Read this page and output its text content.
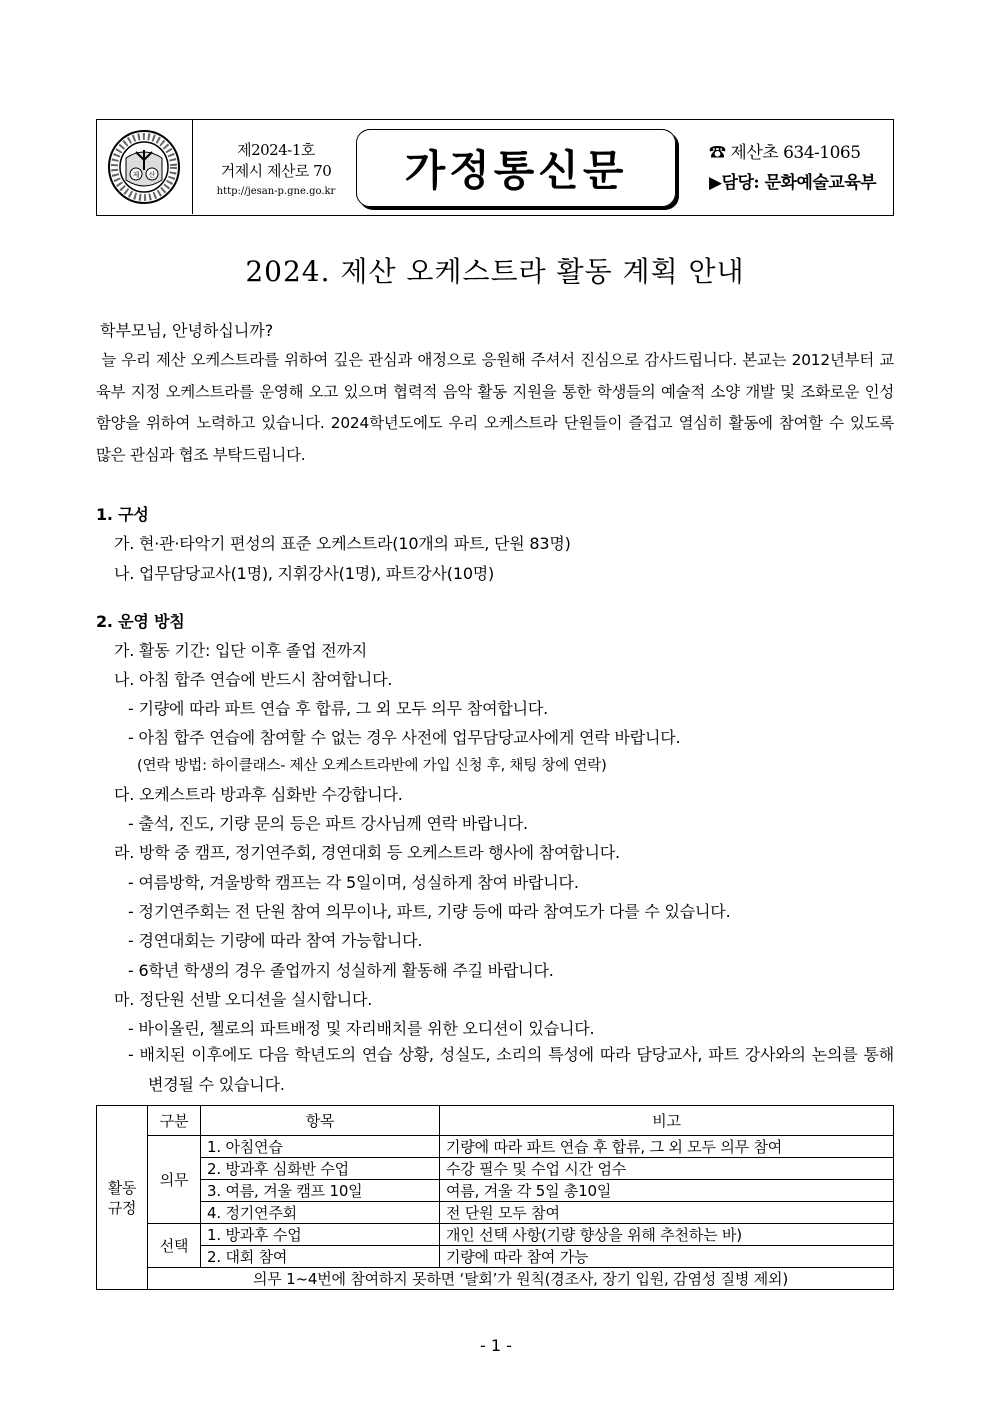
제 산
제2024-1호
거제시 제산로 70
http://jesan-p.gne.go.kr	가정통신문	☎ 제산초 634-1065
▶담당: 문화예술교육부
2024. 제산 오케스트라 활동 계획 안내
학부모님, 안녕하십니까?
늘 우리 제산 오케스트라를 위하여 깊은 관심과 애정으로 응원해 주셔서 진심으로 감사드립니다. 본교는 2012년부터 교육부 지정 오케스트라를 운영해 오고 있으며 협력적 음악 활동 지원을 통한 학생들의 예술적 소양 개발 및 조화로운 인성 함양을 위하여 노력하고 있습니다. 2024학년도에도 우리 오케스트라 단원들이 즐겁고 열심히 활동에 참여할 수 있도록 많은 관심과 협조 부탁드립니다.
1. 구성
가. 현·관·타악기 편성의 표준 오케스트라(10개의 파트, 단원 83명)
나. 업무담당교사(1명), 지휘강사(1명), 파트강사(10명)
2. 운영 방침
가. 활동 기간: 입단 이후 졸업 전까지
나. 아침 합주 연습에 반드시 참여합니다.
- 기량에 따라 파트 연습 후 합류, 그 외 모두 의무 참여합니다.
- 아침 합주 연습에 참여할 수 없는 경우 사전에 업무담당교사에게 연락 바랍니다.
(연락 방법: 하이클래스- 제산 오케스트라반에 가입 신청 후, 채팅 창에 연락)
다. 오케스트라 방과후 심화반 수강합니다.
- 출석, 진도, 기량 문의 등은 파트 강사님께 연락 바랍니다.
라. 방학 중 캠프, 정기연주회, 경연대회 등 오케스트라 행사에 참여합니다.
- 여름방학, 겨울방학 캠프는 각 5일이며, 성실하게 참여 바랍니다.
- 정기연주회는 전 단원 참여 의무이나, 파트, 기량 등에 따라 참여도가 다를 수 있습니다.
- 경연대회는 기량에 따라 참여 가능합니다.
- 6학년 학생의 경우 졸업까지 성실하게 활동해 주길 바랍니다.
마. 정단원 선발 오디션을 실시합니다.
- 바이올린, 첼로의 파트배정 및 자리배치를 위한 오디션이 있습니다.
- 배치된 이후에도 다음 학년도의 연습 상황, 성실도, 소리의 특성에 따라 담당교사, 파트 강사와의 논의를 통해 변경될 수 있습니다.
활동 규정	구분	항목	비고
	의무	1. 아침연습	기량에 따라 파트 연습 후 합류, 그 외 모두 의무 참여
		2. 방과후 심화반 수업	수강 필수 및 수업 시간 엄수
		3. 여름, 겨울 캠프 10일	여름, 겨울 각 5일 총10일
		4. 정기연주회	전 단원 모두 참여
	선택	1. 방과후 수업	개인 선택 사항(기량 향상을 위해 추천하는 바)
		2. 대회 참여	기량에 따라 참여 가능
	의무 1~4번에 참여하지 못하면 ‘탈회’가 원칙(경조사, 장기 입원, 감염성 질병 제외)		
- 1 -
